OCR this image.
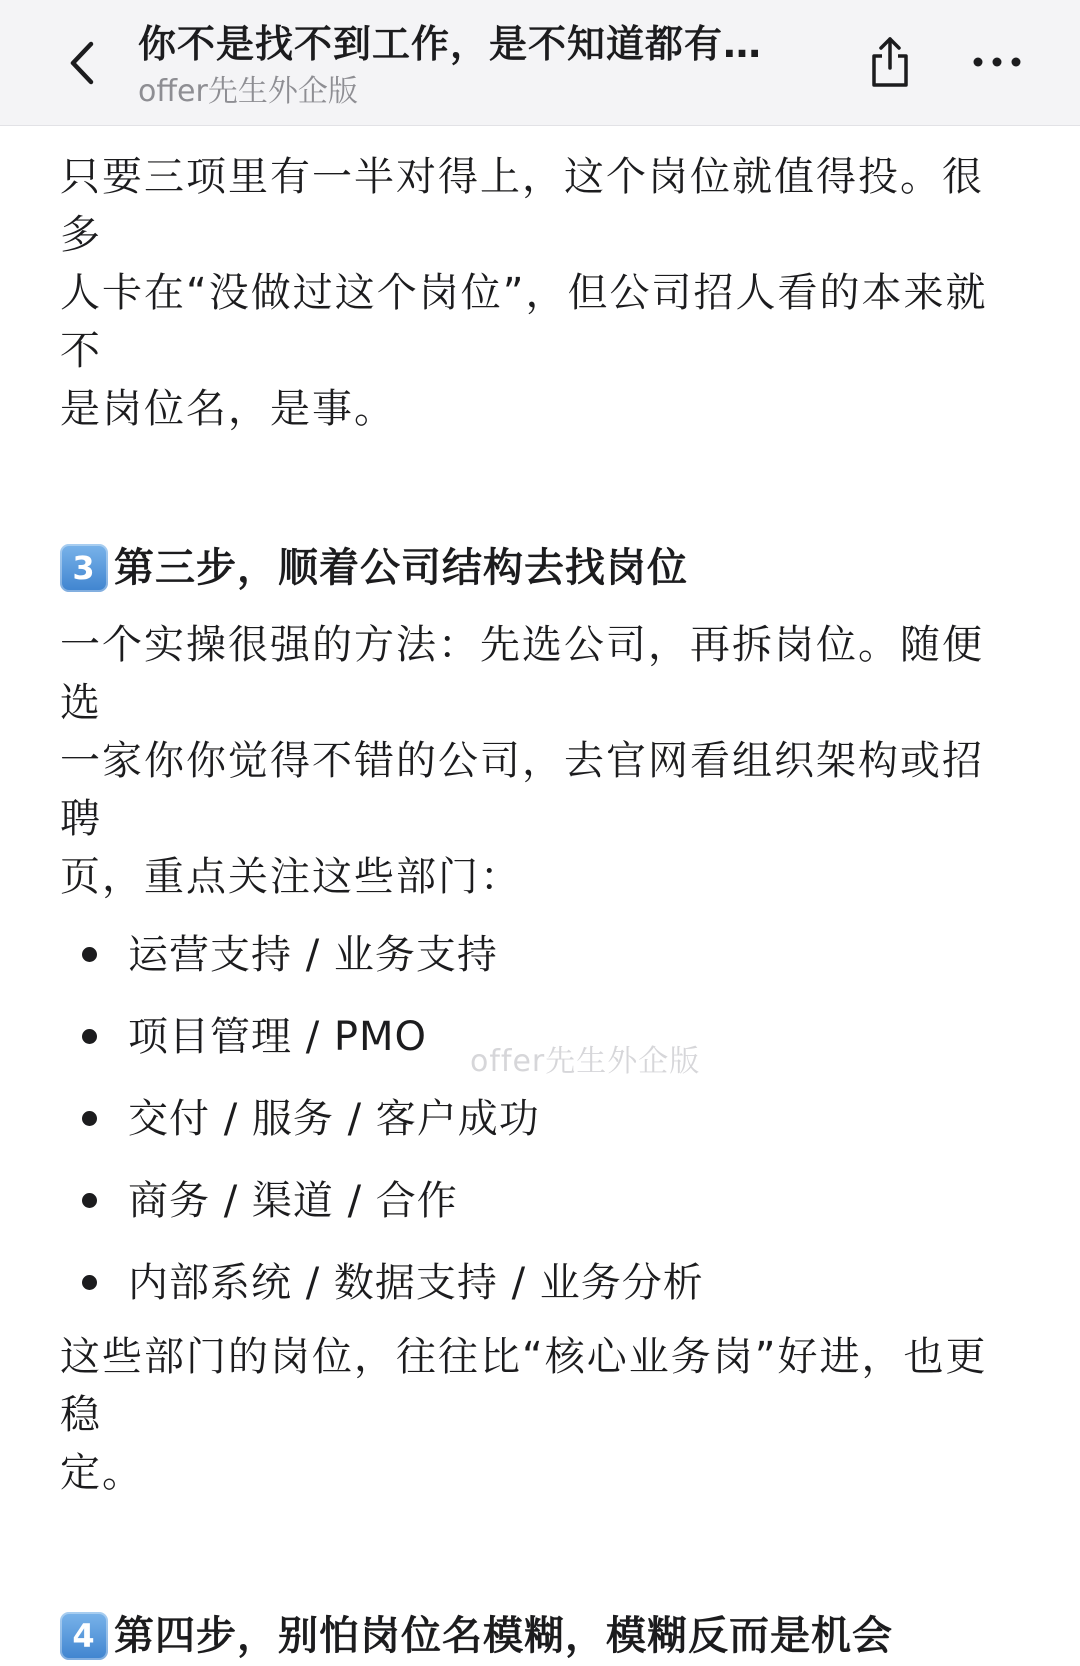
你不是找不到工作，是不知道都有…
offer先生外企版

只要三项里有一半对得上，这个岗位就值得投。很多
人卡在“没做过这个岗位”，但公司招人看的本来就不
是岗位名，是事。

3 第三步，顺着公司结构去找岗位

一个实操很强的方法：先选公司，再拆岗位。随便选
一家你你觉得不错的公司，去官网看组织架构或招聘
页，重点关注这些部门：

运营支持 / 业务支持
项目管理 / PMO
交付 / 服务 / 客户成功
商务 / 渠道 / 合作
内部系统 / 数据支持 / 业务分析

这些部门的岗位，往往比“核心业务岗”好进，也更稳
定。

4 第四步，别怕岗位名模糊，模糊反而是机会
offer先生外企版
